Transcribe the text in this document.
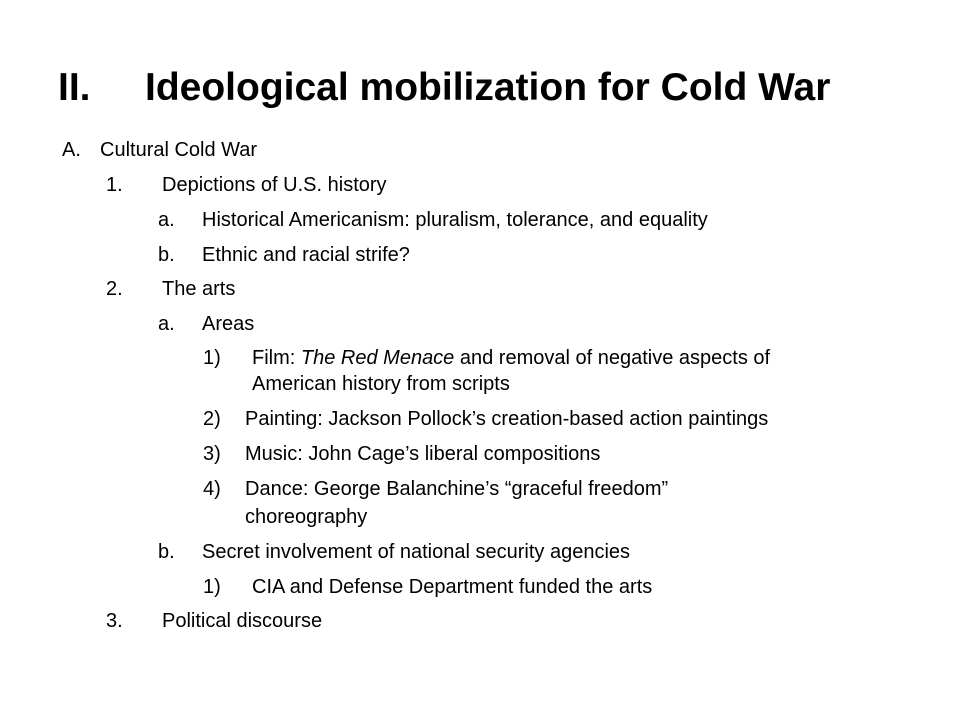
II. Ideological mobilization for Cold War
A. Cultural Cold War
1. Depictions of U.S. history
a. Historical Americanism: pluralism, tolerance, and equality
b. Ethnic and racial strife?
2. The arts
a. Areas
1) Film: The Red Menace and removal of negative aspects of
American history from scripts
2) Painting: Jackson Pollock’s creation-based action paintings
3) Music: John Cage’s liberal compositions
4) Dance: George Balanchine’s “graceful freedom”
choreography
b. Secret involvement of national security agencies
1) CIA and Defense Department funded the arts
3. Political discourse
